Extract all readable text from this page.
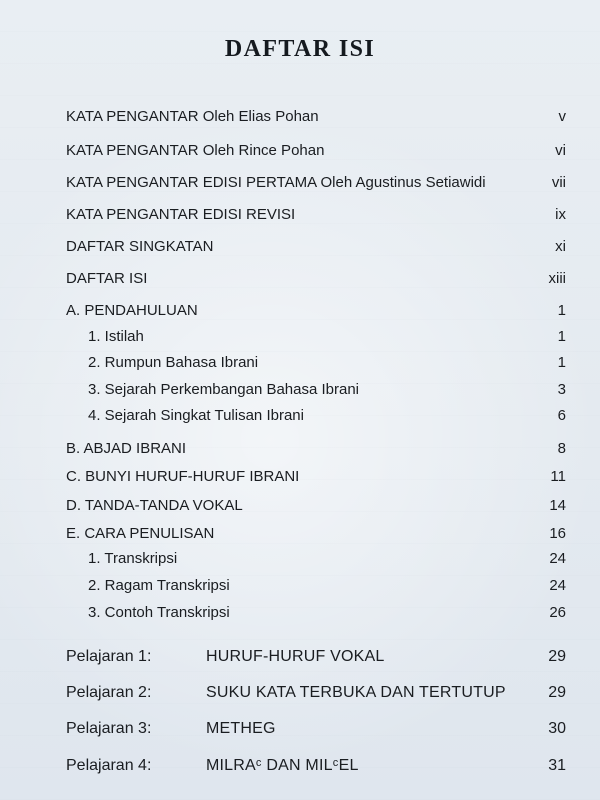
DAFTAR ISI
KATA PENGANTAR Oleh Elias Pohan	v
KATA PENGANTAR Oleh Rince Pohan	vi
KATA PENGANTAR EDISI PERTAMA Oleh Agustinus Setiawidi	vii
KATA PENGANTAR EDISI REVISI	ix
DAFTAR SINGKATAN	xi
DAFTAR ISI	xiii
A. PENDAHULUAN	1
1. Istilah	1
2. Rumpun Bahasa Ibrani	1
3. Sejarah Perkembangan Bahasa Ibrani	3
4. Sejarah Singkat Tulisan Ibrani	6
B. ABJAD IBRANI	8
C. BUNYI HURUF-HURUF IBRANI	11
D. TANDA-TANDA VOKAL	14
E. CARA PENULISAN	16
1. Transkripsi	24
2. Ragam Transkripsi	24
3. Contoh Transkripsi	26
Pelajaran 1:	HURUF-HURUF VOKAL	29
Pelajaran 2:	SUKU KATA TERBUKA DAN TERTUTUP	29
Pelajaran 3:	METHEG	30
Pelajaran 4:	MILRAᶜ DAN MILᶜEL	31
